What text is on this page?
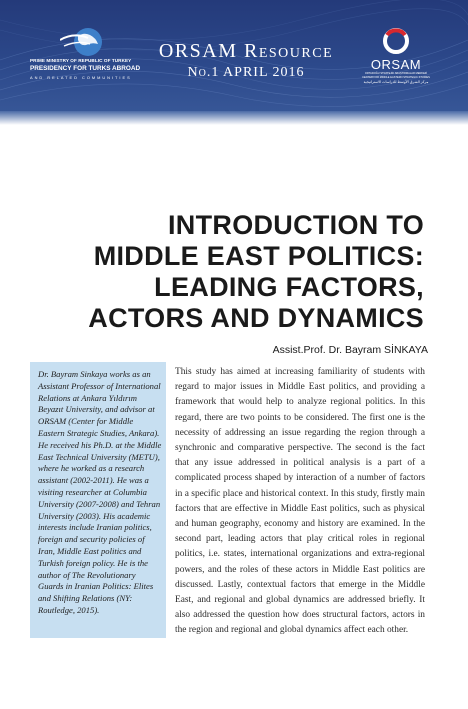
PRIME MINISTRY OF REPUBLIC OF TURKEY
PRESIDENCY FOR TURKS ABROAD
AND RELATED COMMUNITIES
ORSAM Resource
No.1 APRIL 2016
ORSAM
ORTADOĞU STRATEJİK ARAŞTIRMALAR MERKEZİ
CENTER FOR MIDDLE EASTERN STRATEGIC STUDIES
مركز الشرق الأوسط للدراسات الاستراتيجية
INTRODUCTION TO
MIDDLE EAST POLITICS:
LEADING FACTORS,
ACTORS AND DYNAMICS
Assist.Prof. Dr. Bayram SİNKAYA

Dr. Bayram Sinkaya works as an Assistant Professor of International Relations at Ankara Yıldırım Beyazıt University, and advisor at ORSAM (Center for Middle Eastern Strategic Studies, Ankara). He received his Ph.D. at the Middle East Technical University (METU), where he worked as a research assistant (2002-2011). He was a visiting researcher at Columbia University (2007-2008) and Tehran University (2003). His academic interests include Iranian politics, foreign and security policies of Iran, Middle East politics and Turkish foreign policy. He is the author of The Revolutionary Guards in Iranian Politics: Elites and Shifting Relations (NY: Routledge, 2015).

This study has aimed at increasing familiarity of students with regard to major issues in Middle East politics, and providing a framework that would help to analyze regional politics. In this regard, there are two points to be considered. The first one is the necessity of addressing an issue regarding the region through a synchronic and comparative perspective. The second is the fact that any issue addressed in political analysis is a part of a complicated process shaped by interaction of a number of factors in a specific place and historical context. In this study, firstly main factors that are effective in Middle East politics, such as physical and human geography, economy and history are examined. In the second part, leading actors that play critical roles in regional politics, i.e. states, international organizations and extra-regional powers, and the roles of these actors in Middle East politics are discussed. Lastly, contextual factors that emerge in the Middle East, and regional and global dynamics are addressed briefly. It also addressed the question how does structural factors, actors in the region and regional and global dynamics affect each other.
